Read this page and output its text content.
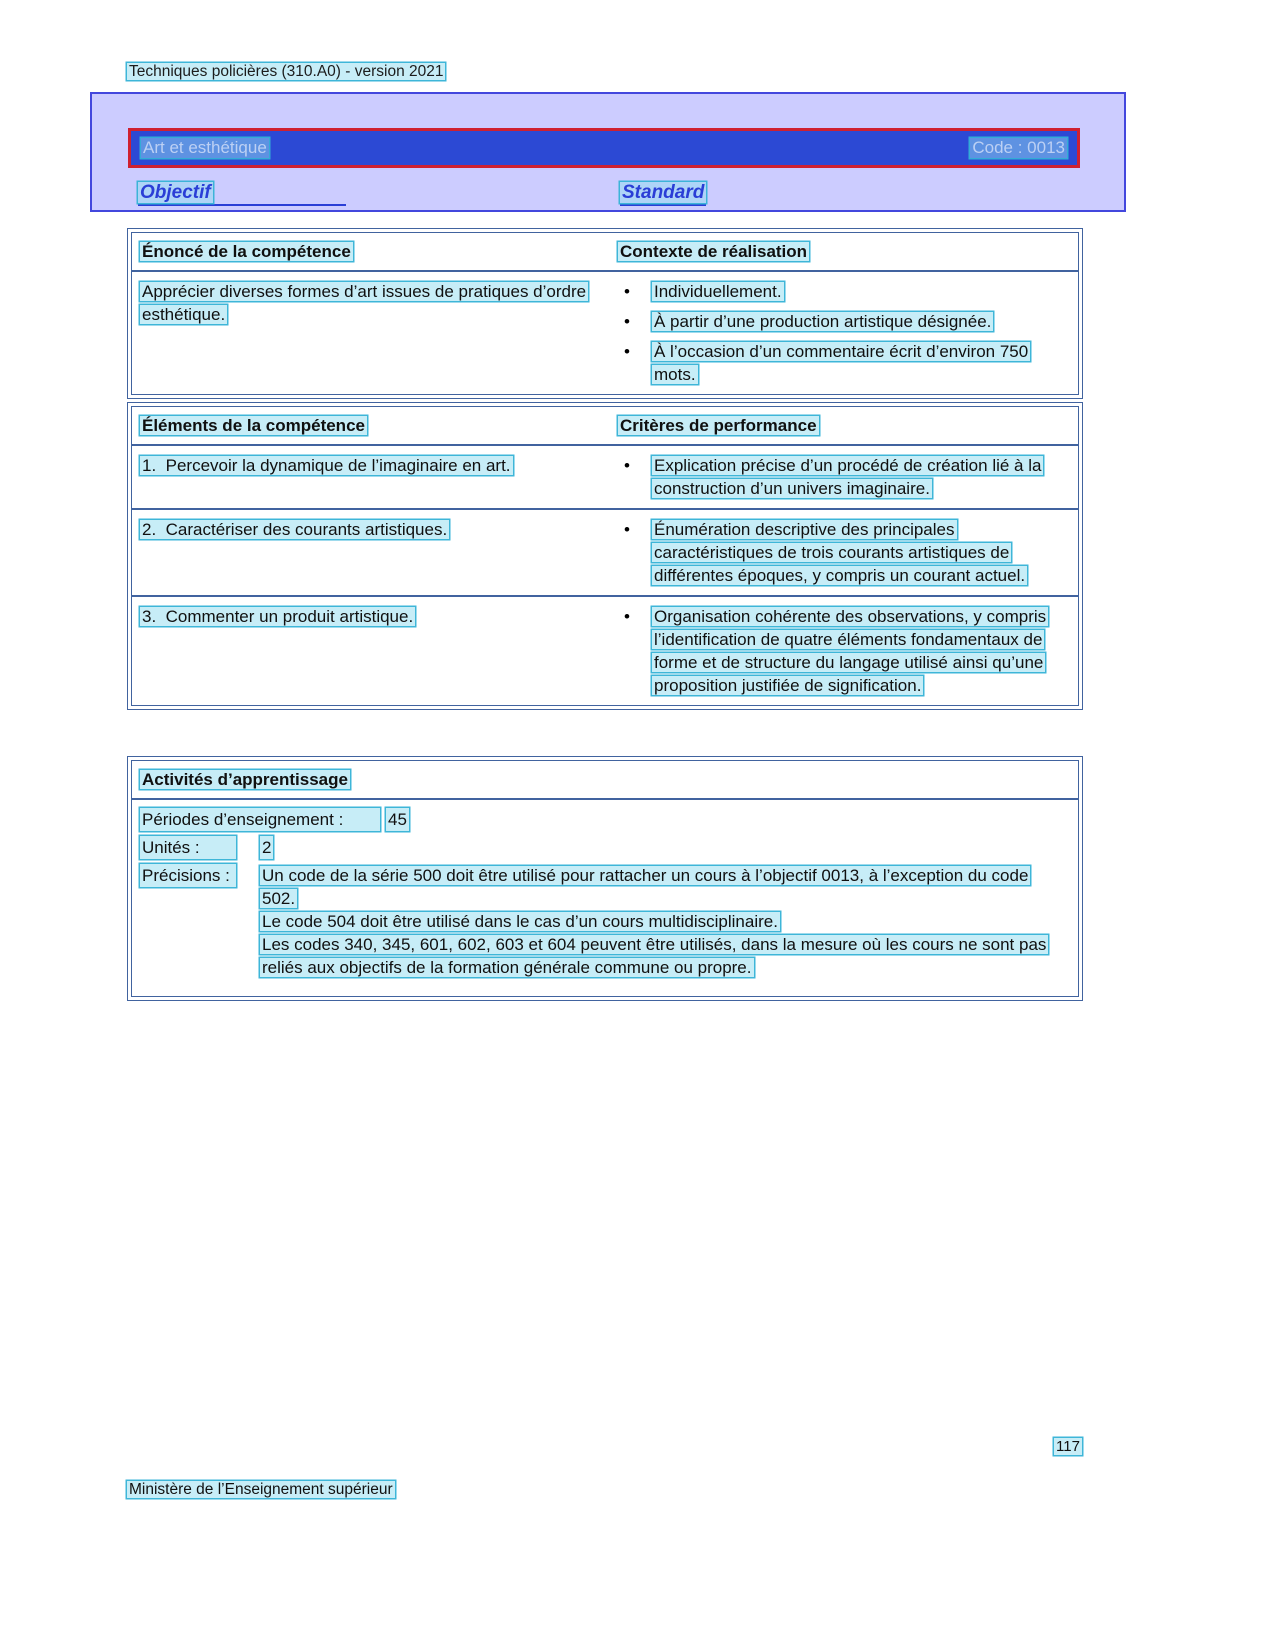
Techniques policières (310.A0) - version 2021
Art et esthétique	Code : 0013
Objectif	Standard
Énoncé de la compétence	Contexte de réalisation
Apprécier diverses formes d’art issues de pratiques d’ordre esthétique.
•	Individuellement.
•	À partir d’une production artistique désignée.
•	À l’occasion d’un commentaire écrit d’environ 750 mots.
Éléments de la compétence	Critères de performance
1.  Percevoir la dynamique de l’imaginaire en art.	•	Explication précise d’un procédé de création lié à la construction d’un univers imaginaire.
2.  Caractériser des courants artistiques.	•	Énumération descriptive des principales caractéristiques de trois courants artistiques de différentes époques, y compris un courant actuel.
3.  Commenter un produit artistique.	•	Organisation cohérente des observations, y compris l’identification de quatre éléments fondamentaux de forme et de structure du langage utilisé ainsi qu’une proposition justifiée de signification.
Activités d’apprentissage
Périodes d’enseignement :	45
Unités :	2
Précisions :	Un code de la série 500 doit être utilisé pour rattacher un cours à l’objectif 0013, à l’exception du code 502.
Le code 504 doit être utilisé dans le cas d’un cours multidisciplinaire.
Les codes 340, 345, 601, 602, 603 et 604 peuvent être utilisés, dans la mesure où les cours ne sont pas reliés aux objectifs de la formation générale commune ou propre.
117
Ministère de l’Enseignement supérieur
